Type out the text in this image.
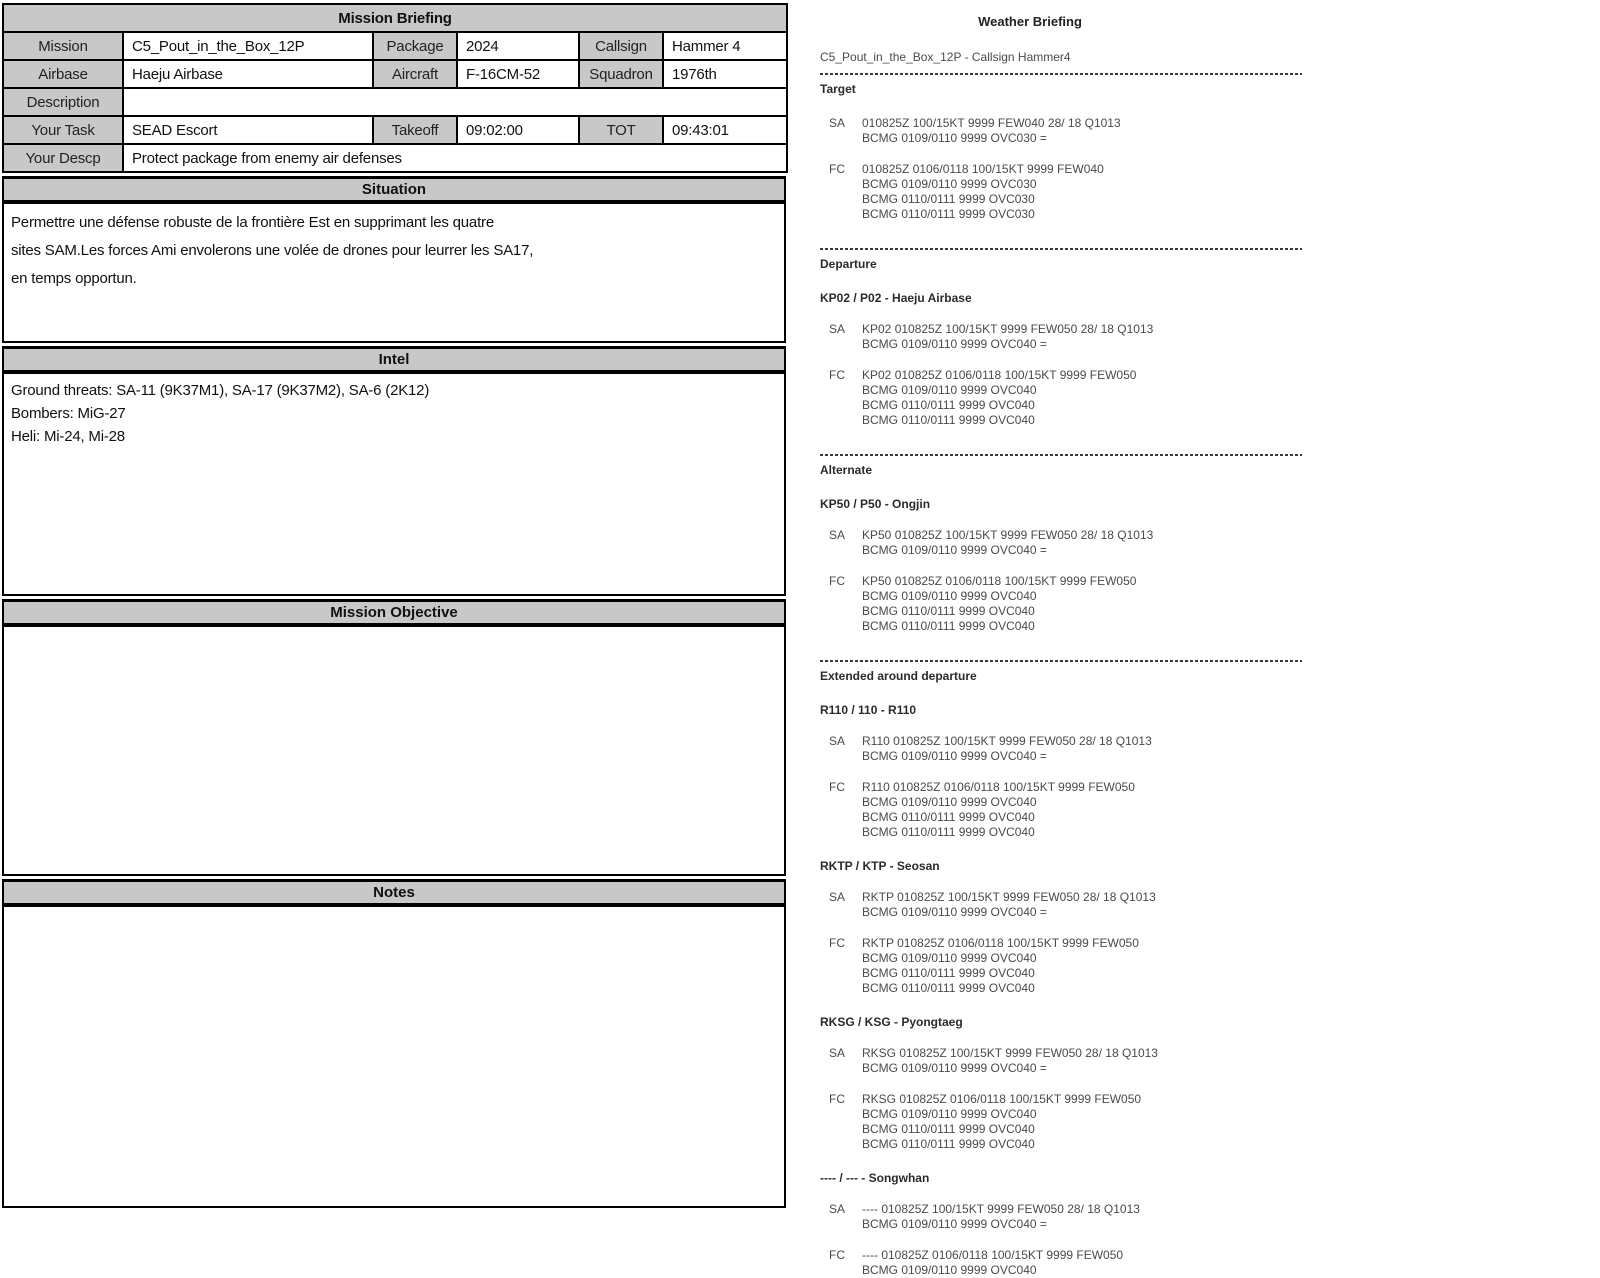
Mission Briefing					
Mission	C5_Pout_in_the_Box_12P	Package	2024	Callsign	Hammer 4
Airbase	Haeju Airbase	Aircraft	F-16CM-52	Squadron	1976th
Description					
Your Task	SEAD Escort	Takeoff	09:02:00	TOT	09:43:01
Your Descp	Protect package from enemy air defenses				
Situation
Permettre une défense robuste de la frontière Est en supprimant les quatre
sites SAM.Les forces Ami envolerons une volée de drones pour leurrer les SA17,
en temps opportun.
Intel
Ground threats: SA-11 (9K37M1), SA-17 (9K37M2), SA-6 (2K12)
Bombers: MiG-27
Heli: Mi-24, Mi-28
Mission Objective
Notes
Weather Briefing
C5_Pout_in_the_Box_12P - Callsign Hammer4
Target
SA	010825Z 100/15KT 9999 FEW040 28/ 18 Q1013
BCMG 0109/0110 9999 OVC030 =
FC	010825Z 0106/0118 100/15KT 9999 FEW040
BCMG 0109/0110 9999 OVC030
BCMG 0110/0111 9999 OVC030
BCMG 0110/0111 9999 OVC030
Departure
KP02 / P02 - Haeju Airbase
SA	KP02 010825Z 100/15KT 9999 FEW050 28/ 18 Q1013
BCMG 0109/0110 9999 OVC040 =
FC	KP02 010825Z 0106/0118 100/15KT 9999 FEW050
BCMG 0109/0110 9999 OVC040
BCMG 0110/0111 9999 OVC040
BCMG 0110/0111 9999 OVC040
Alternate
KP50 / P50 - Ongjin
SA	KP50 010825Z 100/15KT 9999 FEW050 28/ 18 Q1013
BCMG 0109/0110 9999 OVC040 =
FC	KP50 010825Z 0106/0118 100/15KT 9999 FEW050
BCMG 0109/0110 9999 OVC040
BCMG 0110/0111 9999 OVC040
BCMG 0110/0111 9999 OVC040
Extended around departure
R110 / 110 - R110
SA	R110 010825Z 100/15KT 9999 FEW050 28/ 18 Q1013
BCMG 0109/0110 9999 OVC040 =
FC	R110 010825Z 0106/0118 100/15KT 9999 FEW050
BCMG 0109/0110 9999 OVC040
BCMG 0110/0111 9999 OVC040
BCMG 0110/0111 9999 OVC040
RKTP / KTP - Seosan
SA	RKTP 010825Z 100/15KT 9999 FEW050 28/ 18 Q1013
BCMG 0109/0110 9999 OVC040 =
FC	RKTP 010825Z 0106/0118 100/15KT 9999 FEW050
BCMG 0109/0110 9999 OVC040
BCMG 0110/0111 9999 OVC040
BCMG 0110/0111 9999 OVC040
RKSG / KSG - Pyongtaeg
SA	RKSG 010825Z 100/15KT 9999 FEW050 28/ 18 Q1013
BCMG 0109/0110 9999 OVC040 =
FC	RKSG 010825Z 0106/0118 100/15KT 9999 FEW050
BCMG 0109/0110 9999 OVC040
BCMG 0110/0111 9999 OVC040
BCMG 0110/0111 9999 OVC040
---- / --- - Songwhan
SA	---- 010825Z 100/15KT 9999 FEW050 28/ 18 Q1013
BCMG 0109/0110 9999 OVC040 =
FC	---- 010825Z 0106/0118 100/15KT 9999 FEW050
BCMG 0109/0110 9999 OVC040
